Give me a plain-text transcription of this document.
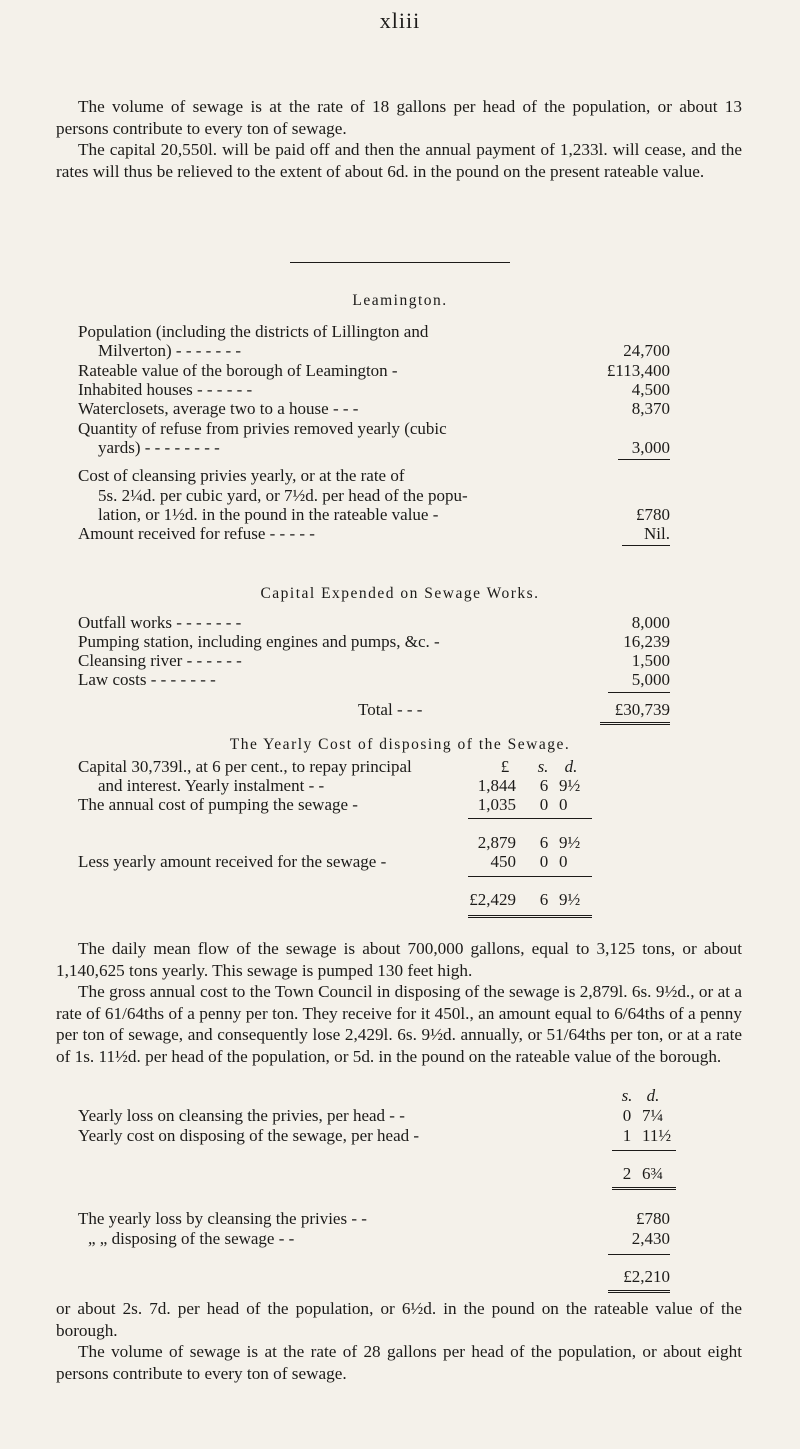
xliii

The volume of sewage is at the rate of 18 gallons per head of the population, or about 13 persons contribute to every ton of sewage.

The capital 20,550l. will be paid off and then the annual payment of 1,233l. will cease, and the rates will thus be relieved to the extent of about 6d. in the pound on the present rateable value.

Leamington.
Population (including the districts of Lillington and
Milverton) - - - - - - -	24,700
Rateable value of the borough of Leamington -	£113,400
Inhabited houses - - - - - -	4,500
Waterclosets, average two to a house - - -	8,370
Quantity of refuse from privies removed yearly (cubic
yards) - - - - - - - -	3,000
Cost of cleansing privies yearly, or at the rate of
5s. 2¼d. per cubic yard, or 7½d. per head of the popu-
lation, or 1½d. in the pound in the rateable value -	£780
Amount received for refuse - - - - -	Nil.
Capital Expended on Sewage Works.
Outfall works - - - - - - -	8,000
Pumping station, including engines and pumps, &c. -	16,239
Cleansing river - - - - - -	1,500
Law costs - - - - - - -	5,000
Total - - -	£30,739
The Yearly Cost of disposing of the Sewage.
Capital 30,739l., at 6 per cent., to repay principal	£	s. d.
and interest. Yearly instalment - -	1,844	6 9½
The annual cost of pumping the sewage -	1,035	0 0
2,879	6 9½
Less yearly amount received for the sewage -	450	0 0
£2,429	6 9½

The daily mean flow of the sewage is about 700,000 gallons, equal to 3,125 tons, or about 1,140,625 tons yearly. This sewage is pumped 130 feet high.

The gross annual cost to the Town Council in disposing of the sewage is 2,879l. 6s. 9½d., or at a rate of 61/64ths of a penny per ton. They receive for it 450l., an amount equal to 6/64ths of a penny per ton of sewage, and consequently lose 2,429l. 6s. 9½d. annually, or 51/64ths per ton, or at a rate of 1s. 11½d. per head of the population, or 5d. in the pound on the rateable value of the borough.

s. d.
Yearly loss on cleansing the privies, per head - -	0 7¼
Yearly cost on disposing of the sewage, per head -	1 11½
2 6¾
The yearly loss by cleansing the privies - -	£780
„ „ disposing of the sewage - -	2,430
£2,210

or about 2s. 7d. per head of the population, or 6½d. in the pound on the rateable value of the borough.

The volume of sewage is at the rate of 28 gallons per head of the population, or about eight persons contribute to every ton of sewage.
